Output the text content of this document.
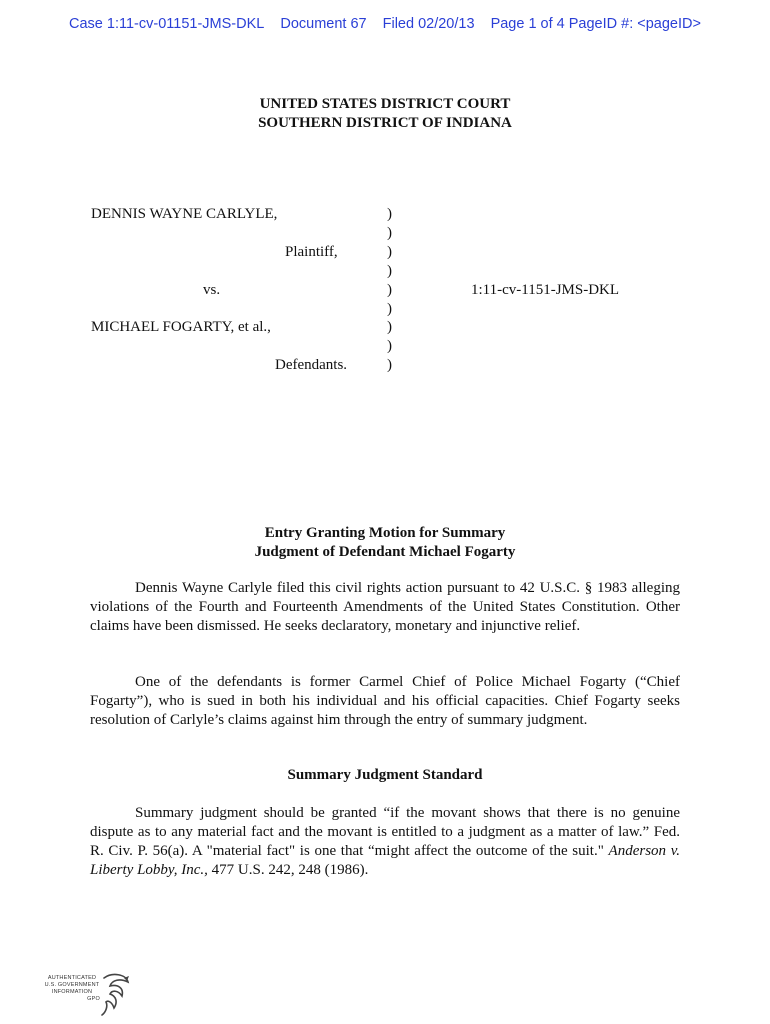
Case 1:11-cv-01151-JMS-DKL Document 67 Filed 02/20/13 Page 1 of 4 PageID #: <pageID>
UNITED STATES DISTRICT COURT
SOUTHERN DISTRICT OF INDIANA
DENNIS WAYNE CARLYLE,
Plaintiff,
vs.	1:11-cv-1151-JMS-DKL
MICHAEL FOGARTY, et al.,
Defendants.
)
)
)
)
)
)
)
)
)
Entry Granting Motion for Summary
Judgment of Defendant Michael Fogarty

Dennis Wayne Carlyle filed this civil rights action pursuant to 42 U.S.C. § 1983 alleging violations of the Fourth and Fourteenth Amendments of the United States Constitution. Other claims have been dismissed. He seeks declaratory, monetary and injunctive relief.

One of the defendants is former Carmel Chief of Police Michael Fogarty (“Chief Fogarty”), who is sued in both his individual and his official capacities. Chief Fogarty seeks resolution of Carlyle’s claims against him through the entry of summary judgment.

Summary Judgment Standard

Summary judgment should be granted “if the movant shows that there is no genuine dispute as to any material fact and the movant is entitled to a judgment as a matter of law.” Fed. R. Civ. P. 56(a). A "material fact" is one that “might affect the outcome of the suit." Anderson v. Liberty Lobby, Inc., 477 U.S. 242, 248 (1986).

AUTHENTICATED
U.S. GOVERNMENT
INFORMATION
GPO
